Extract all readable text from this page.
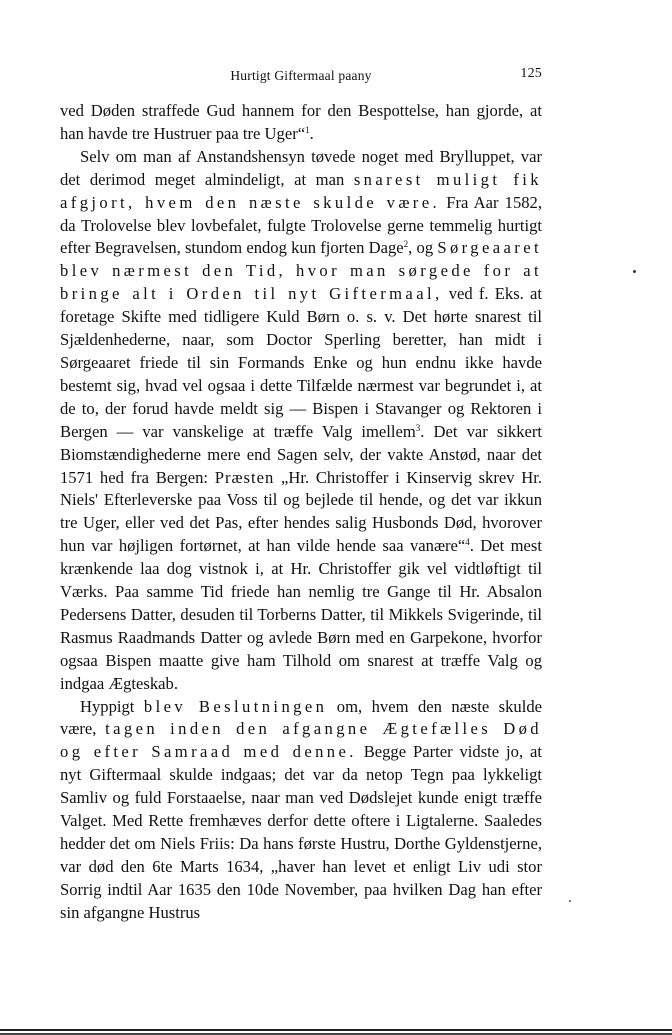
Hurtigt Giftermaal paany	125

ved Døden straffede Gud hannem for den Bespottelse, han gjorde, at han havde tre Hustruer paa tre Uger“$^1$.

Selv om man af Anstandshensyn tøvede noget med Brylluppet, var det derimod meget almindeligt, at man snarest muligt fik afgjort, hvem den næste skulde være. Fra Aar 1582, da Trolovelse blev lovbefalet, fulgte Trolovelse gerne temmelig hurtigt efter Begravelsen, stundom endog kun fjorten Dage$^2$, og Sørgeaaret blev nærmest den Tid, hvor man sørgede for at bringe alt i Orden til nyt Giftermaal, ved f. Eks. at foretage Skifte med tidligere Kuld Børn o. s. v. Det hørte snarest til Sjældenhederne, naar, som Doctor Sperling beretter, han midt i Sørgeaaret friede til sin Formands Enke og hun endnu ikke havde bestemt sig, hvad vel ogsaa i dette Tilfælde nærmest var begrundet i, at de to, der forud havde meldt sig — Bispen i Stavanger og Rektoren i Bergen — var vanskelige at træffe Valg imellem$^3$. Det var sikkert Biomstændighederne mere end Sagen selv, der vakte Anstød, naar det 1571 hed fra Bergen: Præsten „Hr. Christoffer i Kinservig skrev Hr. Niels' Efterleverske paa Voss til og bejlede til hende, og det var ikkun tre Uger, eller ved det Pas, efter hendes salig Husbonds Død, hvorover hun var højligen fortørnet, at han vilde hende saa vanære“$^4$. Det mest krænkende laa dog vistnok i, at Hr. Christoffer gik vel vidtløftigt til Værks. Paa samme Tid friede han nemlig tre Gange til Hr. Absalon Pedersens Datter, desuden til Torberns Datter, til Mikkels Svigerinde, til Rasmus Raadmands Datter og avlede Børn med en Garpekone, hvorfor ogsaa Bispen maatte give ham Tilhold om snarest at træffe Valg og indgaa Ægteskab.

Hyppigt blev Beslutningen om, hvem den næste skulde være, tagen inden den afgangne Ægtefælles Død og efter Samraad med denne. Begge Parter vidste jo, at nyt Giftermaal skulde indgaas; det var da netop Tegn paa lykkeligt Samliv og fuld Forstaaelse, naar man ved Dødslejet kunde enigt træffe Valget. Med Rette fremhæves derfor dette oftere i Ligtalerne. Saaledes hedder det om Niels Friis: Da hans første Hustru, Dorthe Gyldenstjerne, var død den 6te Marts 1634, „haver han levet et enligt Liv udi stor Sorrig indtil Aar 1635 den 10de November, paa hvilken Dag han efter sin afgangne Hustrus
